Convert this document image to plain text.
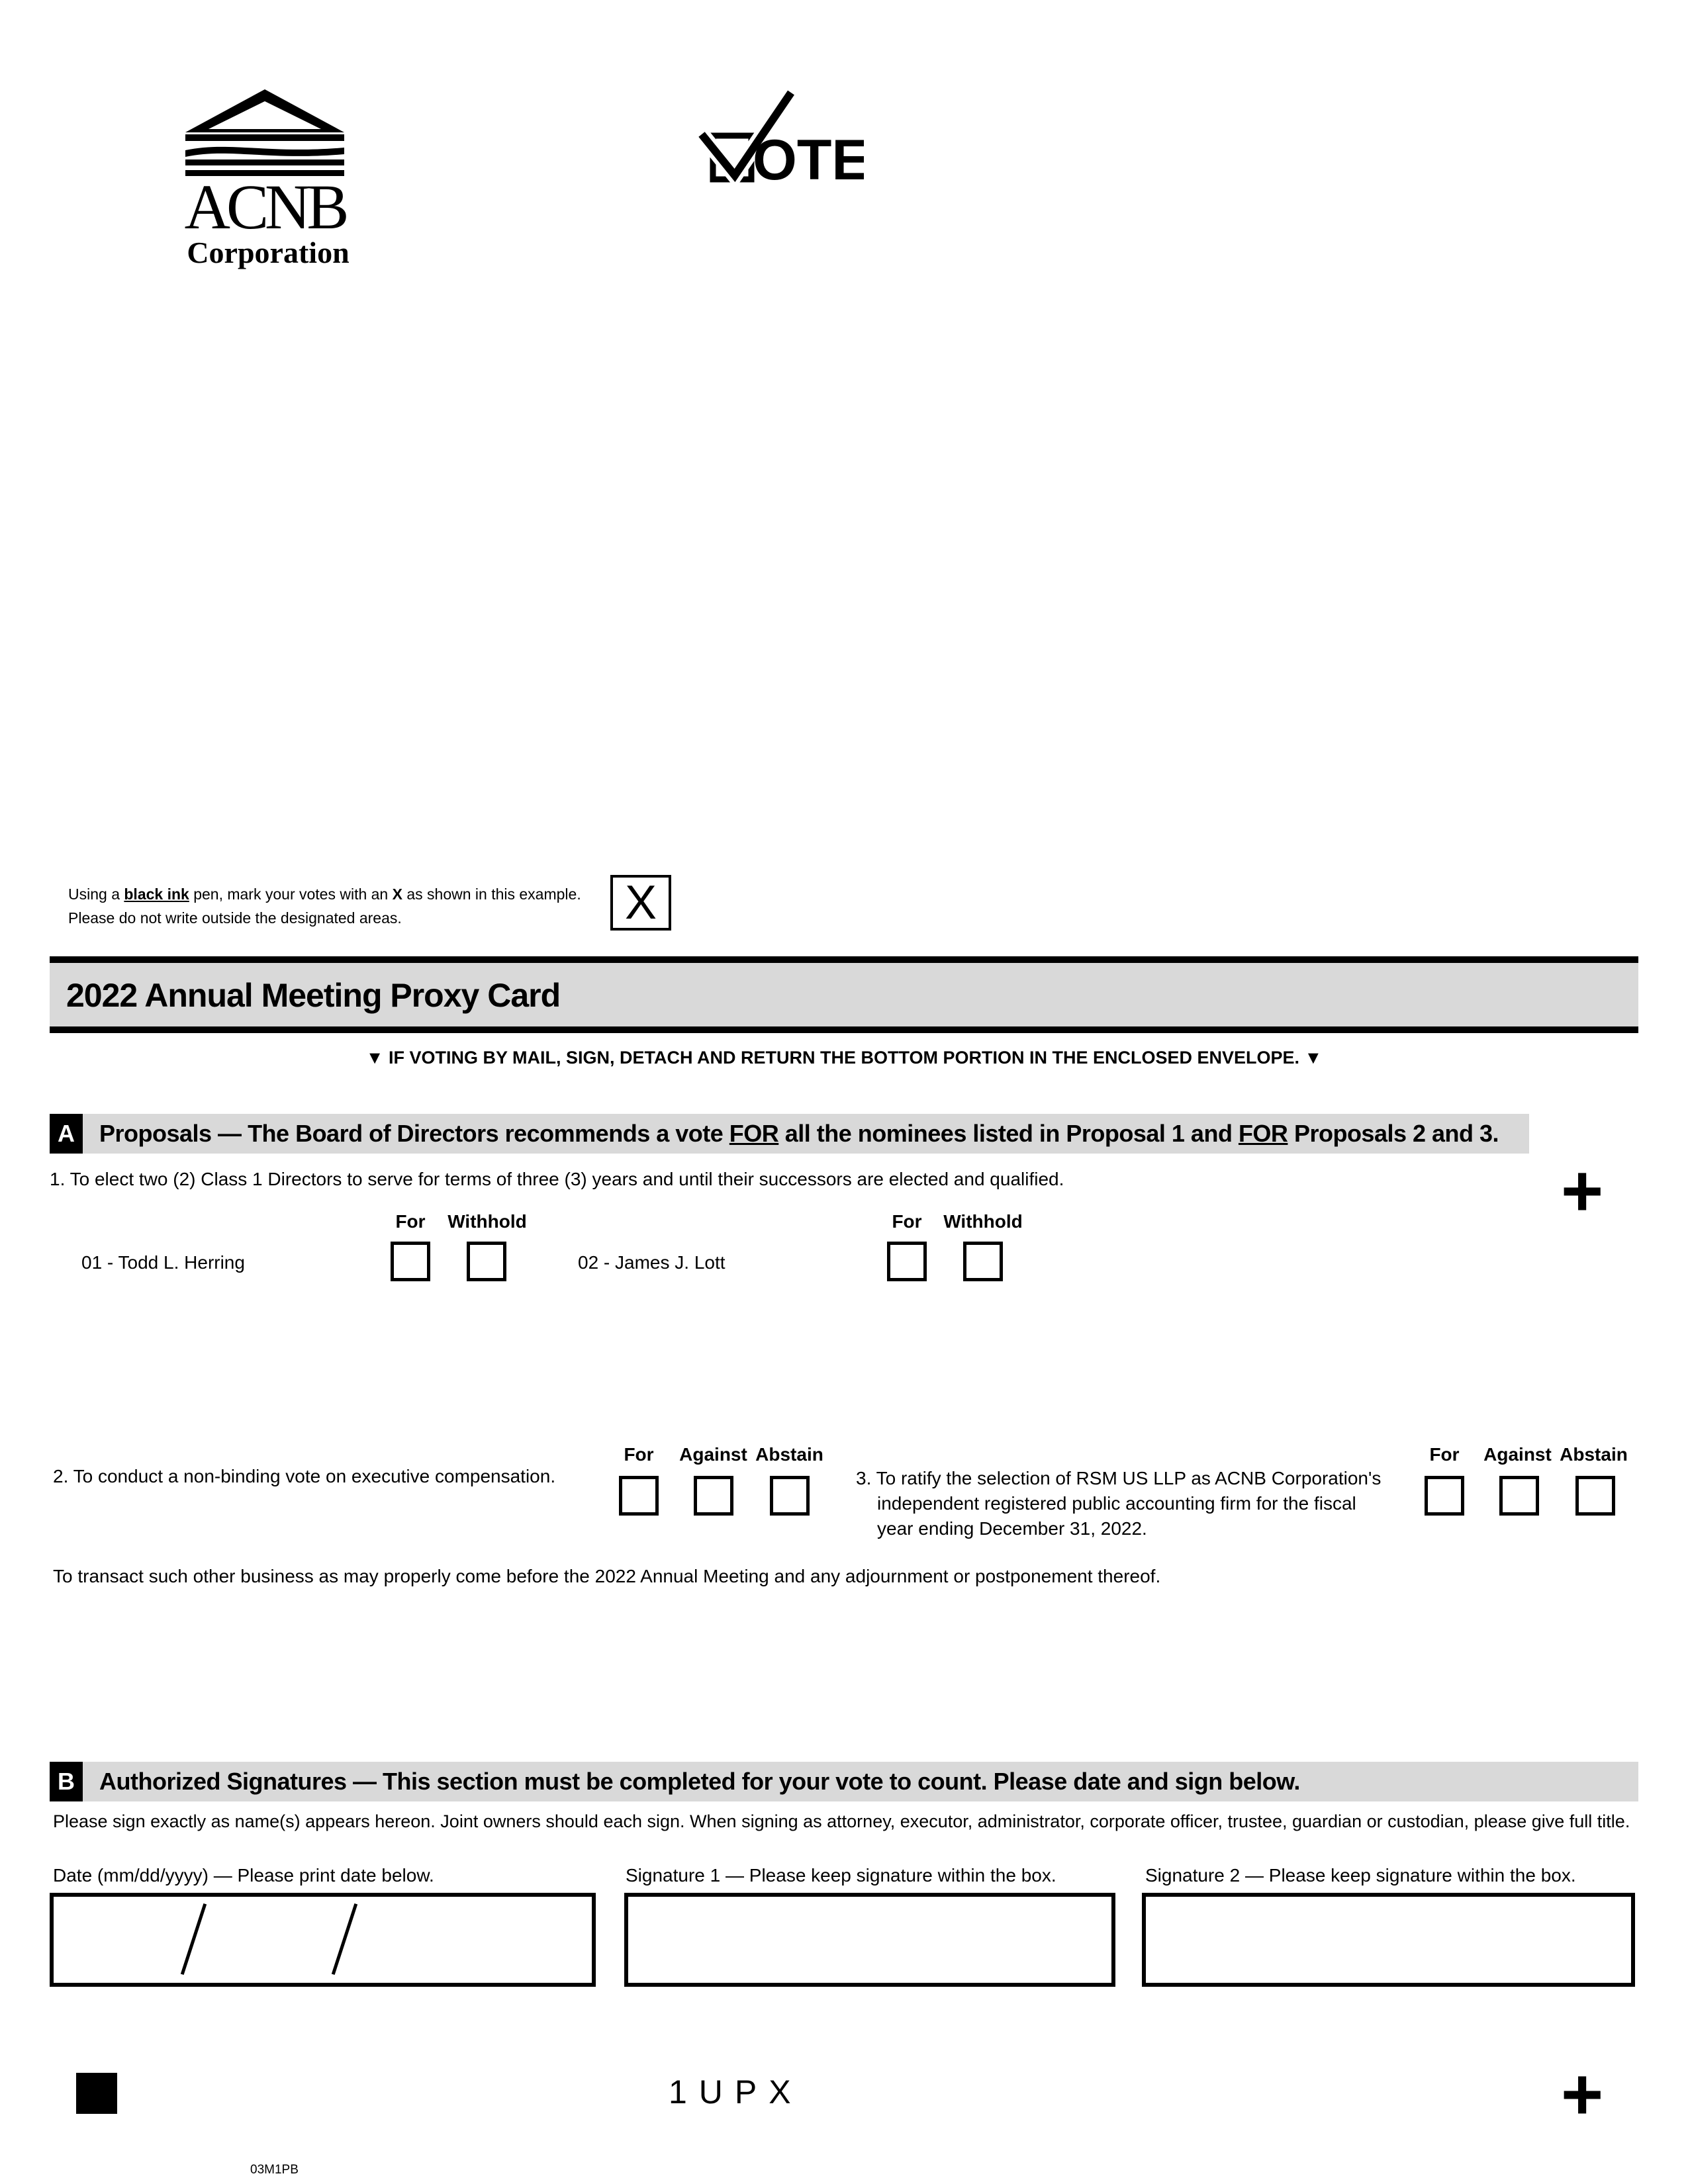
ACNB
Corporation
OTE
Using a black ink pen, mark your votes with an X as shown in this example.
Please do not write outside the designated areas.	X
2022 Annual Meeting Proxy Card
▼ IF VOTING BY MAIL, SIGN, DETACH AND RETURN THE BOTTOM PORTION IN THE ENCLOSED ENVELOPE. ▼
A	Proposals — The Board of Directors recommends a vote FOR all the nominees listed in Proposal 1 and FOR Proposals 2 and 3.
+
1. To elect two (2) Class 1 Directors to serve for terms of three (3) years and until their successors are elected and qualified.
For Withhold
01 - Todd L. Herring
For Withhold
02 - James J. Lott
2. To conduct a non-binding vote on executive compensation.
For Against Abstain
3. To ratify the selection of RSM US LLP as ACNB Corporation's
independent registered public accounting firm for the fiscal
year ending December 31, 2022.
For Against Abstain
To transact such other business as may properly come before the 2022 Annual Meeting and any adjournment or postponement thereof.
B	Authorized Signatures — This section must be completed for your vote to count. Please date and sign below.
Please sign exactly as name(s) appears hereon. Joint owners should each sign. When signing as attorney, executor, administrator, corporate officer, trustee, guardian or custodian, please give full title.
Date (mm/dd/yyyy) — Please print date below.	Signature 1 — Please keep signature within the box.	Signature 2 — Please keep signature within the box.
1UPX	+
03M1PB
